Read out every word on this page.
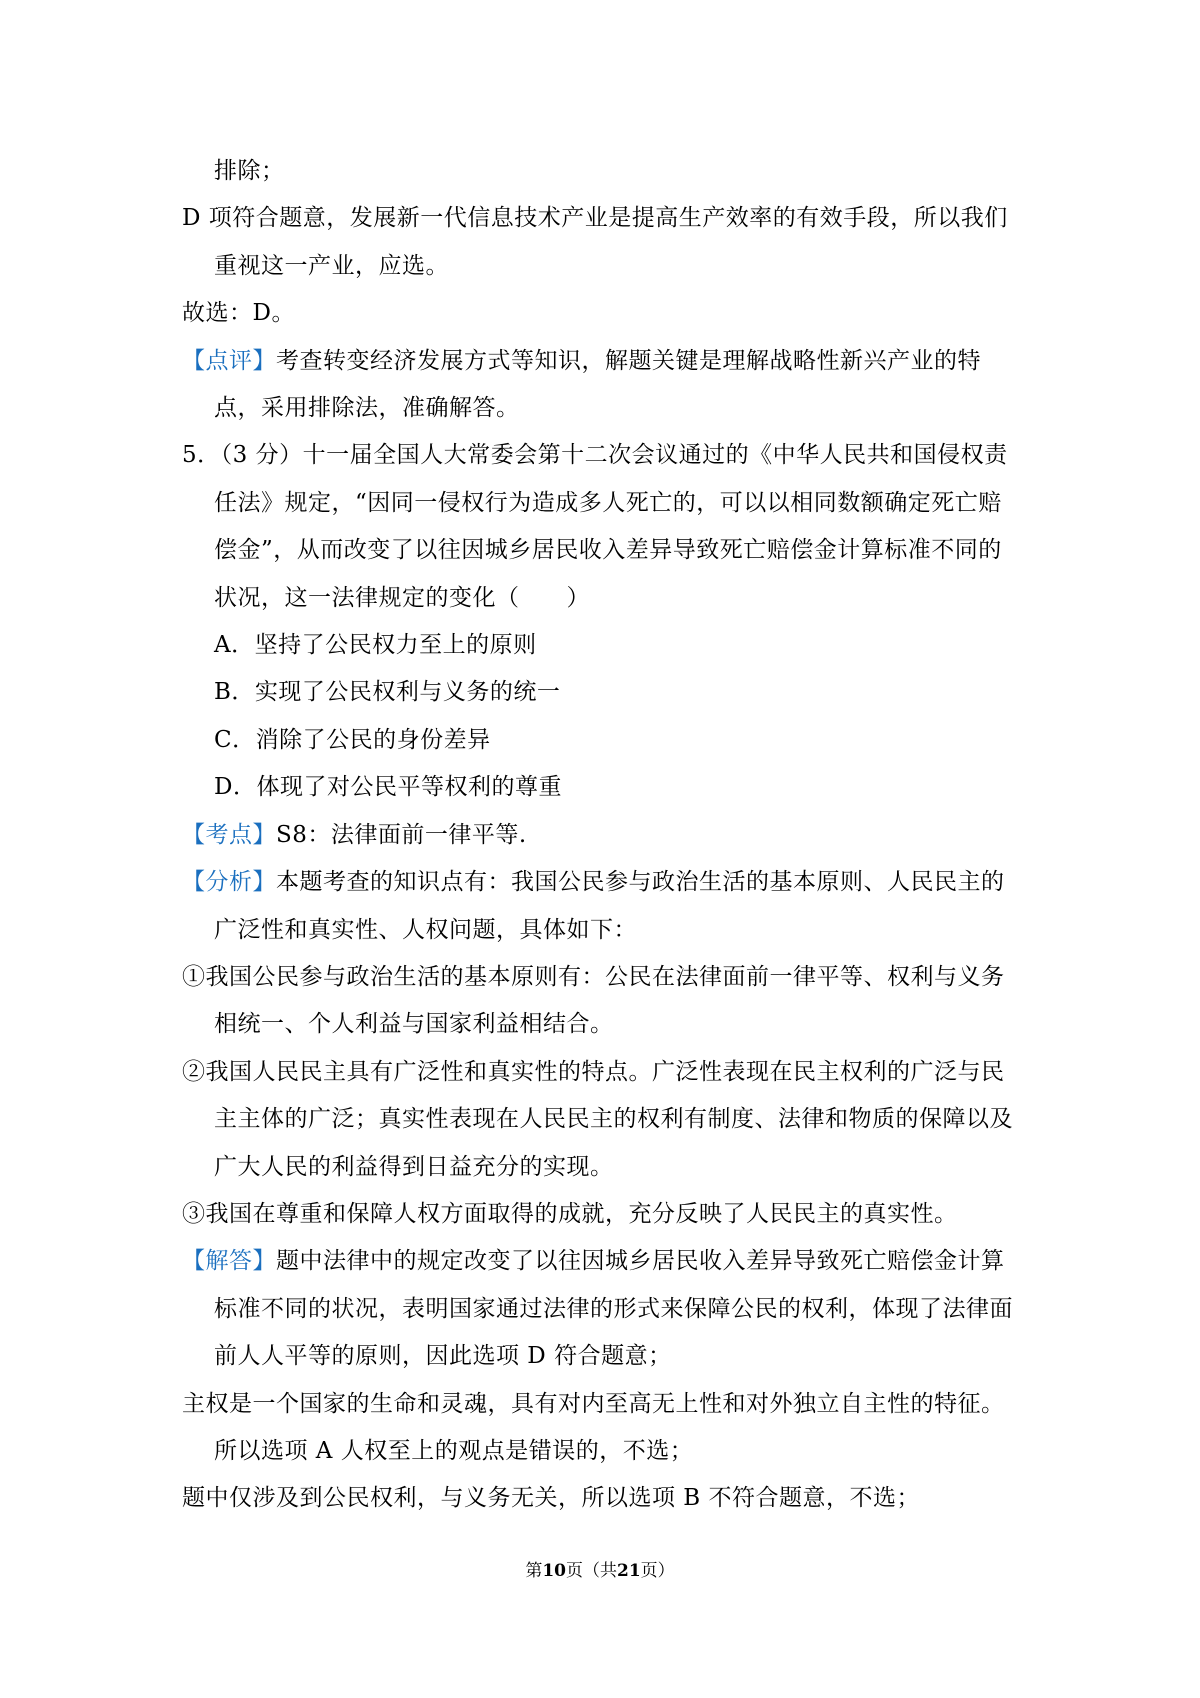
排除；

D 项符合题意，发展新一代信息技术产业是提高生产效率的有效手段，所以我们重视这一产业，应选。

故选：D。

【点评】考查转变经济发展方式等知识，解题关键是理解战略性新兴产业的特点，采用排除法，准确解答。

5．（3 分）十一届全国人大常委会第十二次会议通过的《中华人民共和国侵权责任法》规定，“因同一侵权行为造成多人死亡的，可以以相同数额确定死亡赔偿金”，从而改变了以往因城乡居民收入差异导致死亡赔偿金计算标准不同的状况，这一法律规定的变化（　　）

A．坚持了公民权力至上的原则

B．实现了公民权利与义务的统一

C．消除了公民的身份差异

D．体现了对公民平等权利的尊重

【考点】S8：法律面前一律平等.

【分析】本题考查的知识点有：我国公民参与政治生活的基本原则、人民民主的广泛性和真实性、人权问题，具体如下：

①我国公民参与政治生活的基本原则有：公民在法律面前一律平等、权利与义务相统一、个人利益与国家利益相结合。

②我国人民民主具有广泛性和真实性的特点。广泛性表现在民主权利的广泛与民主主体的广泛；真实性表现在人民民主的权利有制度、法律和物质的保障以及广大人民的利益得到日益充分的实现。

③我国在尊重和保障人权方面取得的成就，充分反映了人民民主的真实性。

【解答】题中法律中的规定改变了以往因城乡居民收入差异导致死亡赔偿金计算标准不同的状况，表明国家通过法律的形式来保障公民的权利，体现了法律面前人人平等的原则，因此选项 D 符合题意；

主权是一个国家的生命和灵魂，具有对内至高无上性和对外独立自主性的特征。所以选项 A 人权至上的观点是错误的，不选；

题中仅涉及到公民权利，与义务无关，所以选项 B 不符合题意，不选；

第10页（共21页）
